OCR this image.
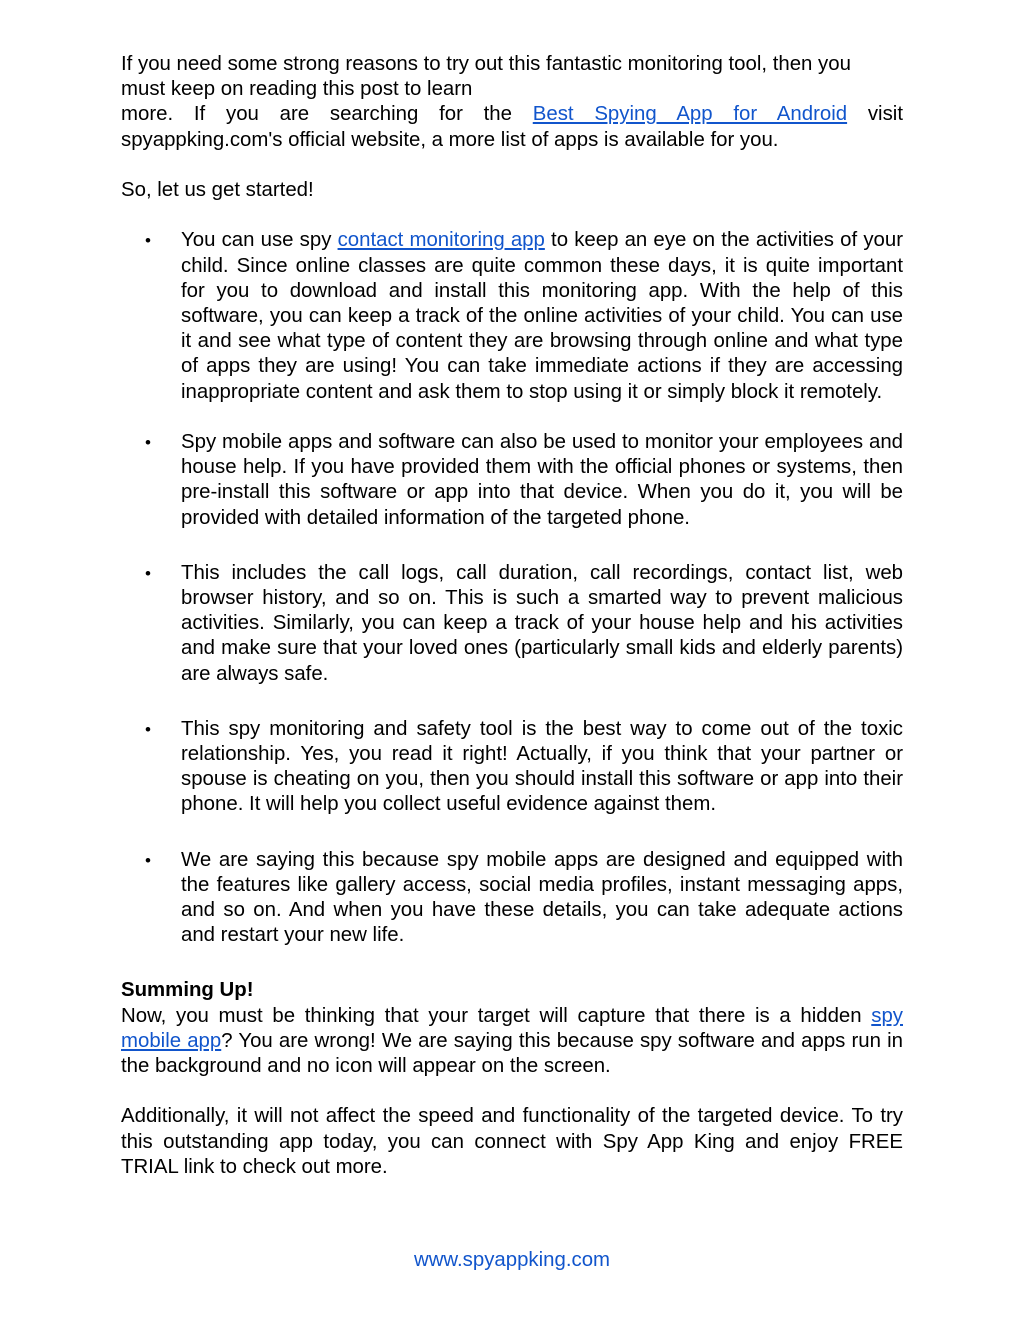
If you need some strong reasons to try out this fantastic monitoring tool, then you

must keep on reading this post to learn

more. If you are searching for the Best Spying App for Android visit

spyappking.com's official website, a more list of apps is available for you.

So, let us get started!

• You can use spy contact monitoring app to keep an eye on the activities of your child. Since online classes are quite common these days, it is quite important for you to download and install this monitoring app. With the help of this software, you can keep a track of the online activities of your child. You can use it and see what type of content they are browsing through online and what type of apps they are using! You can take immediate actions if they are accessing inappropriate content and ask them to stop using it or simply block it remotely.
• Spy mobile apps and software can also be used to monitor your employees and house help. If you have provided them with the official phones or systems, then pre-install this software or app into that device. When you do it, you will be provided with detailed information of the targeted phone.
• This includes the call logs, call duration, call recordings, contact list, web browser history, and so on. This is such a smarted way to prevent malicious activities. Similarly, you can keep a track of your house help and his activities and make sure that your loved ones (particularly small kids and elderly parents) are always safe.
• This spy monitoring and safety tool is the best way to come out of the toxic relationship. Yes, you read it right! Actually, if you think that your partner or spouse is cheating on you, then you should install this software or app into their phone. It will help you collect useful evidence against them.
• We are saying this because spy mobile apps are designed and equipped with the features like gallery access, social media profiles, instant messaging apps, and so on. And when you have these details, you can take adequate actions and restart your new life.

Summing Up!

Now, you must be thinking that your target will capture that there is a hidden spy mobile app? You are wrong! We are saying this because spy software and apps run in the background and no icon will appear on the screen.

Additionally, it will not affect the speed and functionality of the targeted device. To try this outstanding app today, you can connect with Spy App King and enjoy FREE TRIAL link to check out more.

www.spyappking.com
